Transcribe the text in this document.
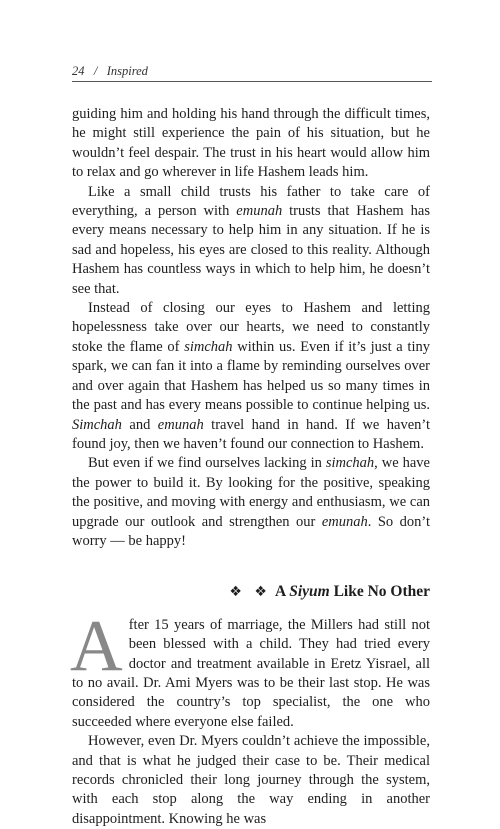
24 / Inspired

guiding him and holding his hand through the difficult times, he might still experience the pain of his situation, but he wouldn’t feel despair. The trust in his heart would allow him to relax and go wherever in life Hashem leads him.

Like a small child trusts his father to take care of everything, a person with emunah trusts that Hashem has every means necessary to help him in any situation. If he is sad and hopeless, his eyes are closed to this reality. Although Hashem has countless ways in which to help him, he doesn’t see that.

Instead of closing our eyes to Hashem and letting hopelessness take over our hearts, we need to constantly stoke the flame of simchah within us. Even if it’s just a tiny spark, we can fan it into a flame by reminding ourselves over and over again that Hashem has helped us so many times in the past and has every means possible to continue helping us. Simchah and emunah travel hand in hand. If we haven’t found joy, then we haven’t found our connection to Hashem.

But even if we find ourselves lacking in simchah, we have the power to build it. By looking for the positive, speaking the positive, and moving with energy and enthusiasm, we can upgrade our outlook and strengthen our emunah. So don’t worry — be happy!

❖ ❖ A Siyum Like No Other

After 15 years of marriage, the Millers had still not been blessed with a child. They had tried every doctor and treatment available in Eretz Yisrael, all to no avail. Dr. Ami Myers was to be their last stop. He was considered the country’s top specialist, the one who succeeded where everyone else failed.

However, even Dr. Myers couldn’t achieve the impossible, and that is what he judged their case to be. Their medical records chronicled their long journey through the system, with each stop along the way ending in another disappointment. Knowing he was
